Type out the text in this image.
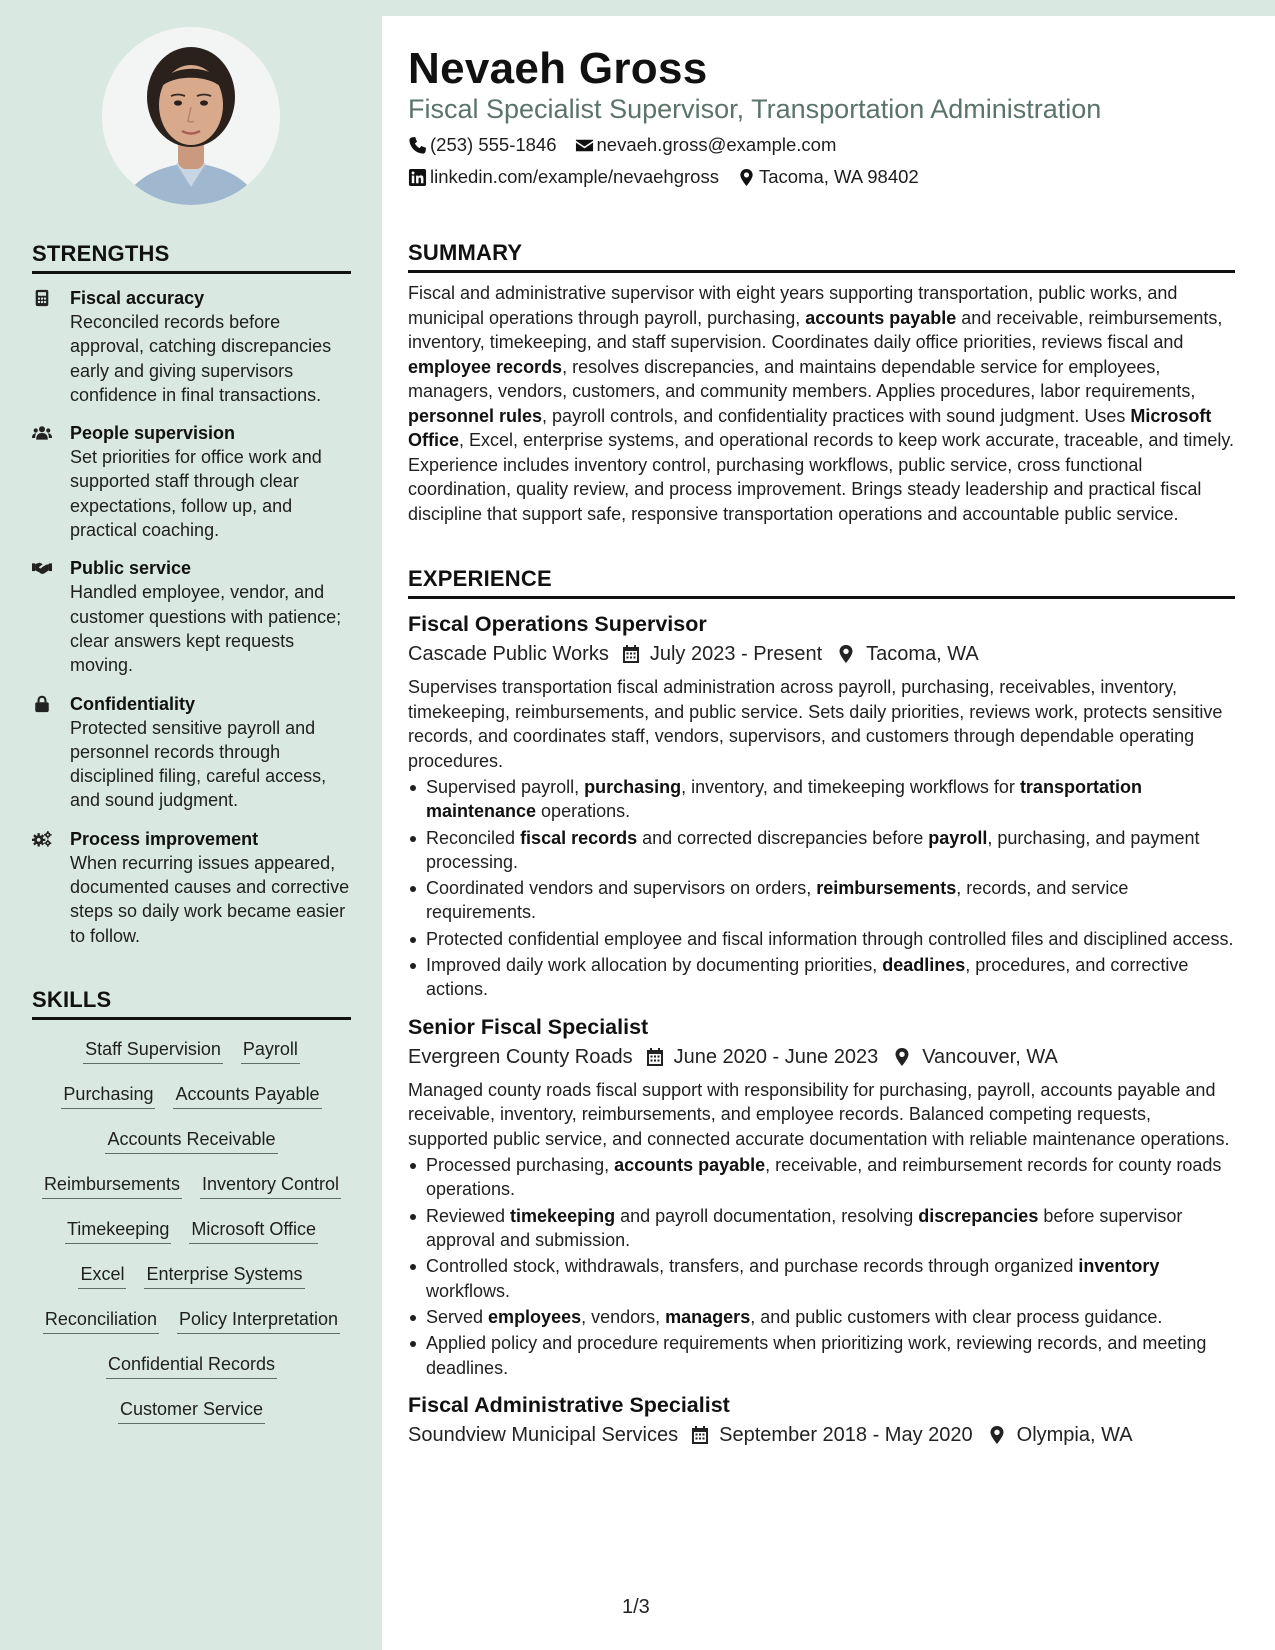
STRENGTHS
Fiscal accuracy
Reconciled records before approval, catching discrepancies early and giving supervisors confidence in final transactions.
People supervision
Set priorities for office work and supported staff through clear expectations, follow up, and practical coaching.
Public service
Handled employee, vendor, and customer questions with patience; clear answers kept requests moving.
Confidentiality
Protected sensitive payroll and personnel records through disciplined filing, careful access, and sound judgment.
Process improvement
When recurring issues appeared, documented causes and corrective steps so daily work became easier to follow.
SKILLS
Staff Supervision Payroll
Purchasing Accounts Payable
Accounts Receivable
Reimbursements Inventory Control
Timekeeping Microsoft Office
Excel Enterprise Systems
Reconciliation Policy Interpretation
Confidential Records
Customer Service
Nevaeh Gross
Fiscal Specialist Supervisor, Transportation Administration
(253) 555-1846 nevaeh.gross@example.com
linkedin.com/example/nevaehgross Tacoma, WA 98402
SUMMARY

Fiscal and administrative supervisor with eight years supporting transportation, public works, and municipal operations through payroll, purchasing, accounts payable and receivable, reimbursements, inventory, timekeeping, and staff supervision. Coordinates daily office priorities, reviews fiscal and employee records, resolves discrepancies, and maintains dependable service for employees, managers, vendors, customers, and community members. Applies procedures, labor requirements, personnel rules, payroll controls, and confidentiality practices with sound judgment. Uses Microsoft Office, Excel, enterprise systems, and operational records to keep work accurate, traceable, and timely. Experience includes inventory control, purchasing workflows, public service, cross functional coordination, quality review, and process improvement. Brings steady leadership and practical fiscal discipline that support safe, responsive transportation operations and accountable public service.

EXPERIENCE
Fiscal Operations Supervisor
Cascade Public Works July 2023 - Present Tacoma, WA

Supervises transportation fiscal administration across payroll, purchasing, receivables, inventory, timekeeping, reimbursements, and public service. Sets daily priorities, reviews work, protects sensitive records, and coordinates staff, vendors, supervisors, and customers through dependable operating procedures.

Supervised payroll, purchasing, inventory, and timekeeping workflows for transportation maintenance operations.
Reconciled fiscal records and corrected discrepancies before payroll, purchasing, and payment processing.
Coordinated vendors and supervisors on orders, reimbursements, records, and service requirements.
Protected confidential employee and fiscal information through controlled files and disciplined access.
Improved daily work allocation by documenting priorities, deadlines, procedures, and corrective actions.
Senior Fiscal Specialist
Evergreen County Roads June 2020 - June 2023 Vancouver, WA

Managed county roads fiscal support with responsibility for purchasing, payroll, accounts payable and receivable, inventory, reimbursements, and employee records. Balanced competing requests, supported public service, and connected accurate documentation with reliable maintenance operations.

Processed purchasing, accounts payable, receivable, and reimbursement records for county roads operations.
Reviewed timekeeping and payroll documentation, resolving discrepancies before supervisor approval and submission.
Controlled stock, withdrawals, transfers, and purchase records through organized inventory workflows.
Served employees, vendors, managers, and public customers with clear process guidance.
Applied policy and procedure requirements when prioritizing work, reviewing records, and meeting deadlines.
Fiscal Administrative Specialist
Soundview Municipal Services September 2018 - May 2020 Olympia, WA
1/3
